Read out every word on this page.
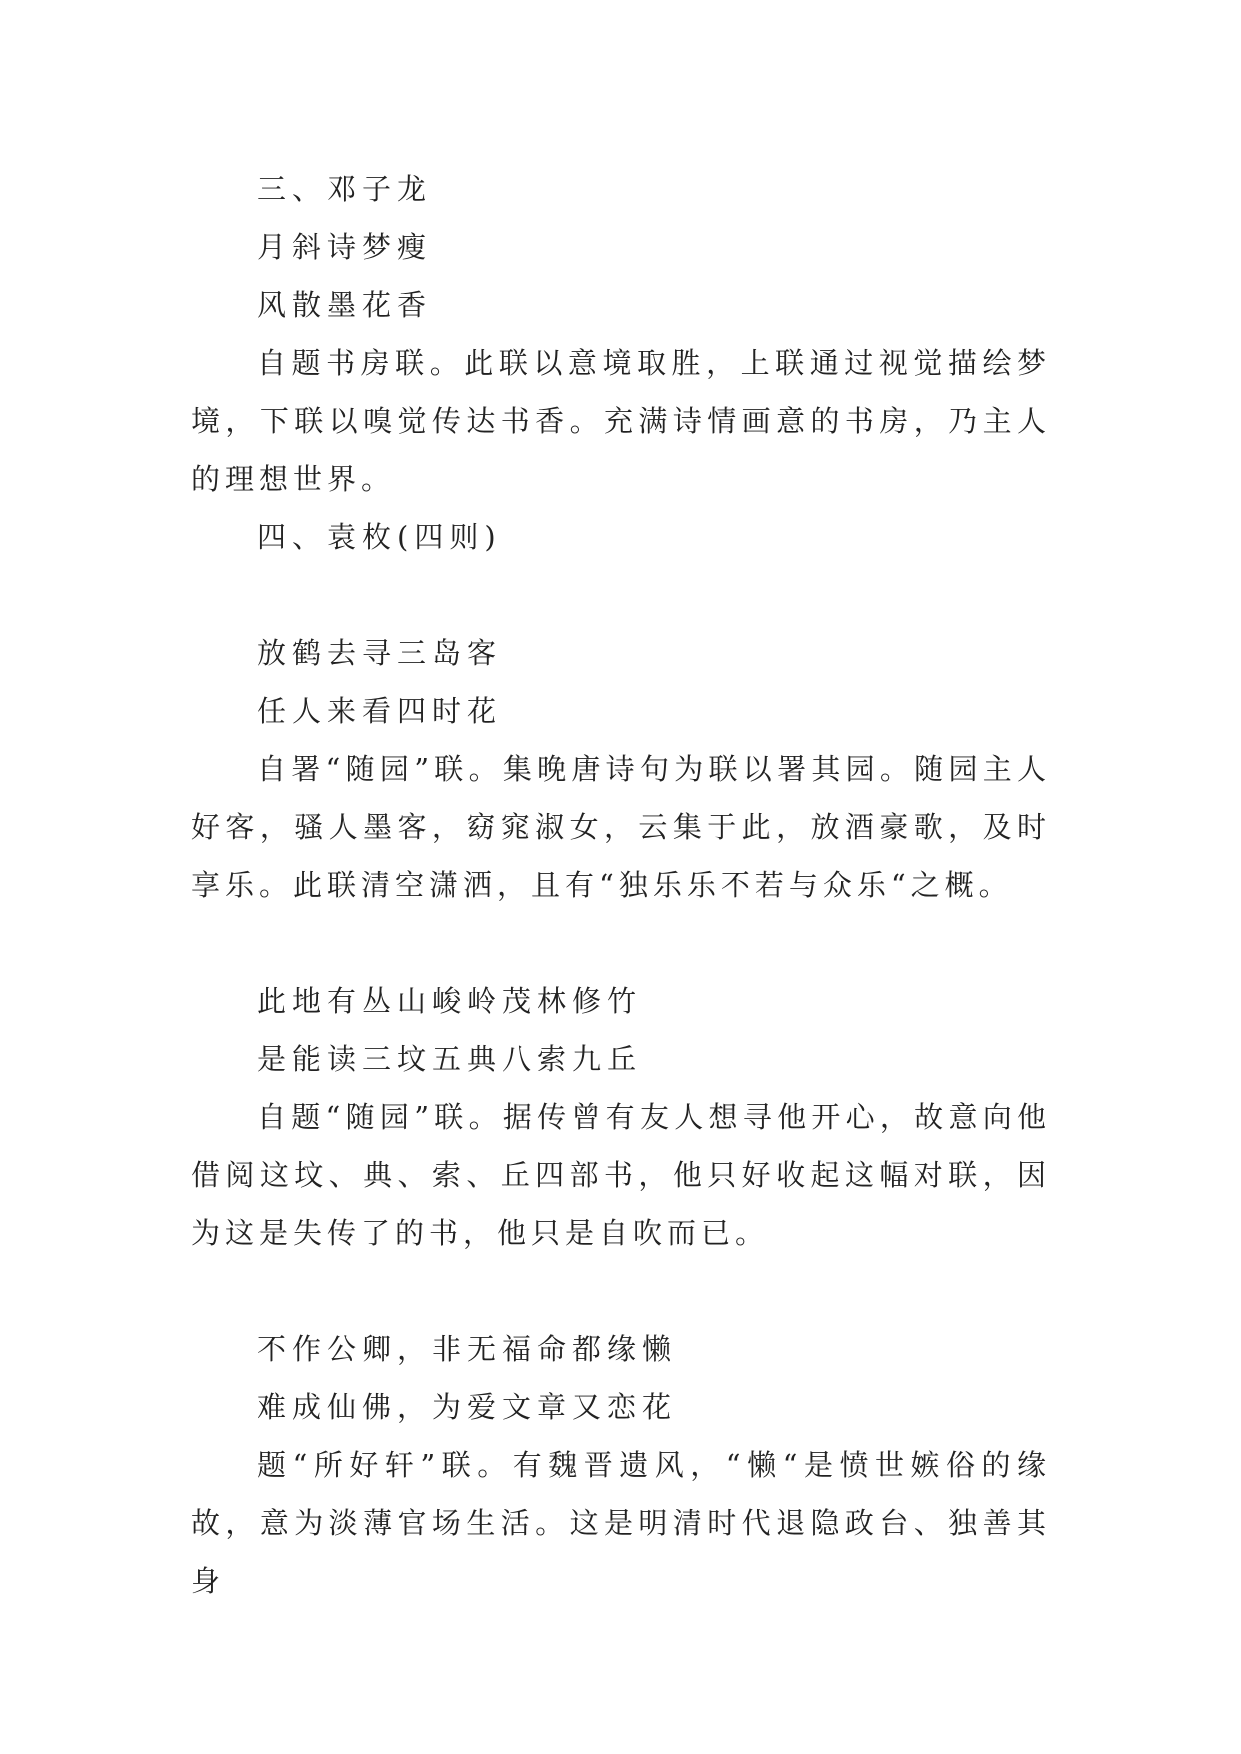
三、邓子龙
月斜诗梦瘦
风散墨花香

自题书房联。此联以意境取胜，上联通过视觉描绘梦境，下联以嗅觉传达书香。充满诗情画意的书房，乃主人的理想世界。

四、袁枚(四则)
放鹤去寻三岛客
任人来看四时花

自署“随园”联。集晚唐诗句为联以署其园。随园主人好客，骚人墨客，窈窕淑女，云集于此，放酒豪歌，及时享乐。此联清空潇洒，且有“独乐乐不若与众乐“之概。

此地有丛山峻岭茂林修竹
是能读三坟五典八索九丘

自题“随园”联。据传曾有友人想寻他开心，故意向他借阅这坟、典、索、丘四部书，他只好收起这幅对联，因为这是失传了的书，他只是自吹而已。

不作公卿，非无福命都缘懒
难成仙佛，为爱文章又恋花

题“所好轩”联。有魏晋遗风，“懒“是愤世嫉俗的缘故，意为淡薄官场生活。这是明清时代退隐政台、独善其身
